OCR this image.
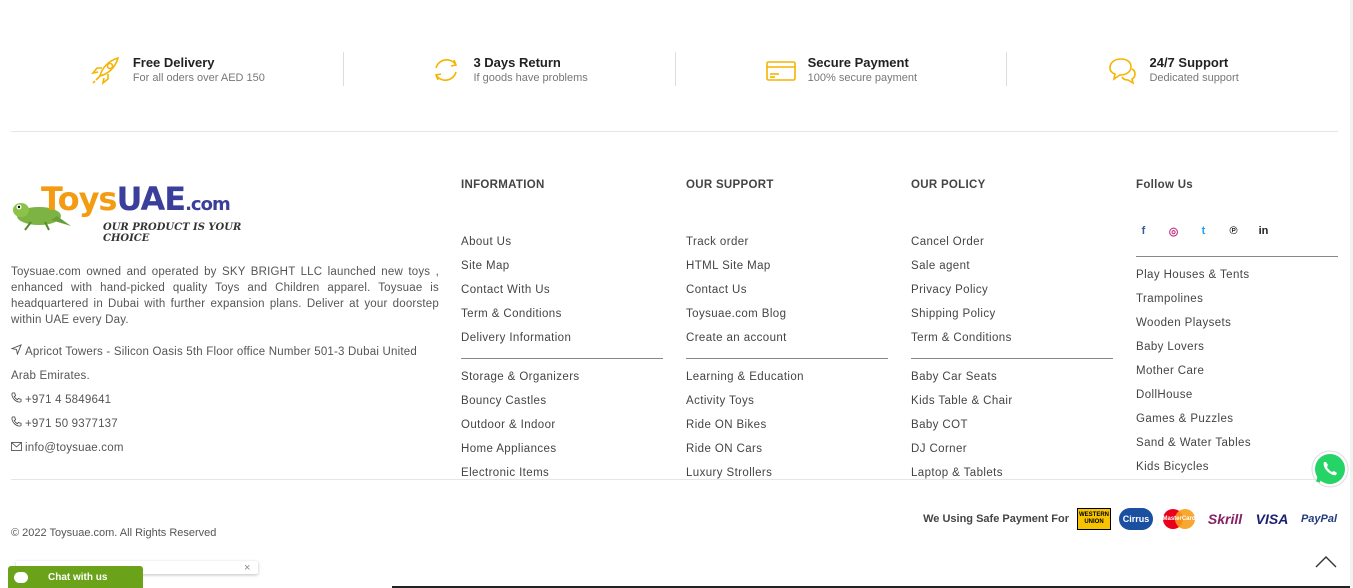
Free Delivery
For all oders over AED 150
3 Days Return
If goods have problems
Secure Payment
100% secure payment
24/7 Support
Dedicated support
ToysUAE.com
OUR PRODUCT IS YOUR CHOICE

Toysuae.com owned and operated by SKY BRIGHT LLC launched new toys , enhanced with hand-picked quality Toys and Children apparel. Toysuae is headquartered in Dubai with further expansion plans. Deliver at your doorstep within UAE every Day.

Apricot Towers - Silicon Oasis 5th Floor office Number 501-3 Dubai United Arab Emirates.
+971 4 5849641
+971 50 9377137
info@toysuae.com
INFORMATION
About Us
Site Map
Contact With Us
Term & Conditions
Delivery Information
Storage & Organizers
Bouncy Castles
Outdoor & Indoor
Home Appliances
Electronic Items
OUR SUPPORT
Track order
HTML Site Map
Contact Us
Toysuae.com Blog
Create an account
Learning & Education
Activity Toys
Ride ON Bikes
Ride ON Cars
Luxury Strollers
OUR POLICY
Cancel Order
Sale agent
Privacy Policy
Shipping Policy
Term & Conditions
Baby Car Seats
Kids Table & Chair
Baby COT
DJ Corner
Laptop & Tablets
Follow Us
f	◎	t	℗	in
Play Houses & Tents
Trampolines
Wooden Playsets
Baby Lovers
Mother Care
DollHouse
Games & Puzzles
Sand & Water Tables
Kids Bicycles
© 2022 Toysuae.com. All Rights Reserved
We Using Safe Payment For	WESTERN UNION	Cirrus	MasterCard Skrill VISA PayPal
×
Chat with us
